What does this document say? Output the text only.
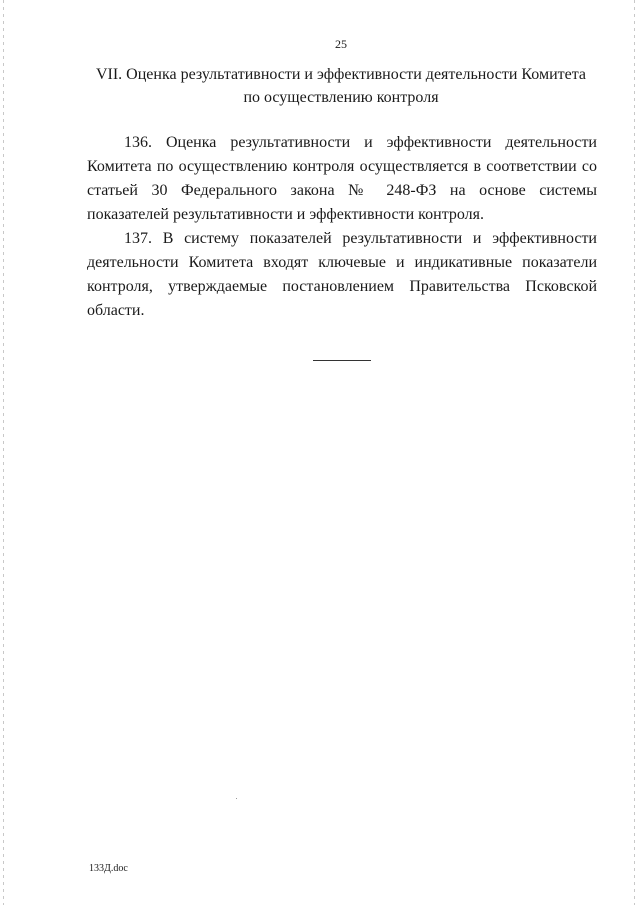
25
VII. Оценка результативности и эффективности деятельности Комитета
по осуществлению контроля

136. Оценка результативности и эффективности деятельности Комитета по осуществлению контроля осуществляется в соответствии со статьей 30 Федерального закона № 248-ФЗ на основе системы показателей результативности и эффективности контроля.

137. В систему показателей результативности и эффективности деятельности Комитета входят ключевые и индикативные показатели контроля, утверждаемые постановлением Правительства Псковской области.

133Д.doc
